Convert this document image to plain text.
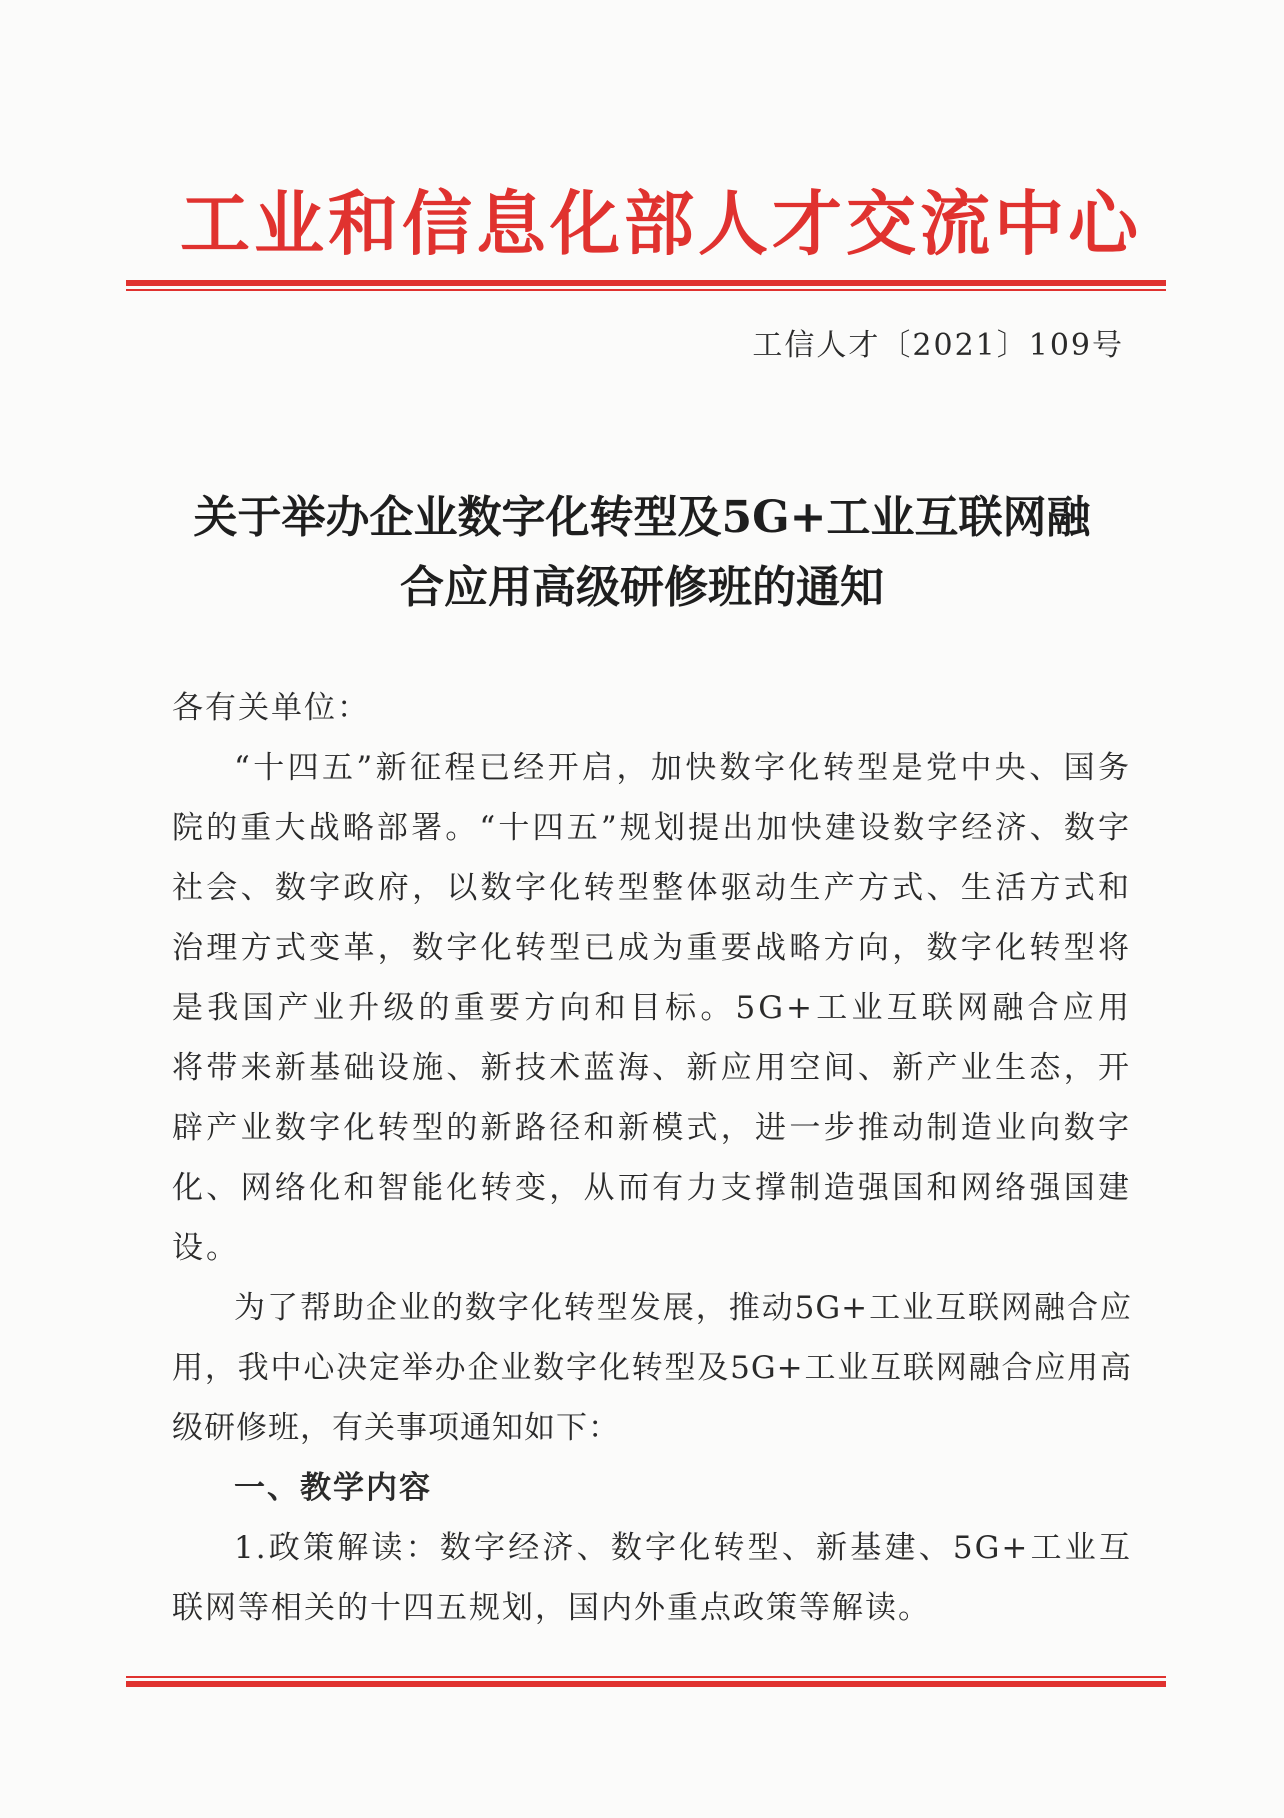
工业和信息化部人才交流中心
工信人才〔2021〕109号
关于举办企业数字化转型及5G+工业互联网融
合应用高级研修班的通知

各有关单位：

“十四五”新征程已经开启，加快数字化转型是党中央、国务院的重大战略部署。“十四五”规划提出加快建设数字经济、数字社会、数字政府，以数字化转型整体驱动生产方式、生活方式和治理方式变革，数字化转型已成为重要战略方向，数字化转型将是我国产业升级的重要方向和目标。5G+工业互联网融合应用将带来新基础设施、新技术蓝海、新应用空间、新产业生态，开辟产业数字化转型的新路径和新模式，进一步推动制造业向数字化、网络化和智能化转变，从而有力支撑制造强国和网络强国建设。

为了帮助企业的数字化转型发展，推动5G+工业互联网融合应用，我中心决定举办企业数字化转型及5G+工业互联网融合应用高级研修班，有关事项通知如下：

一、教学内容

1.政策解读：数字经济、数字化转型、新基建、5G+工业互联网等相关的十四五规划，国内外重点政策等解读。
